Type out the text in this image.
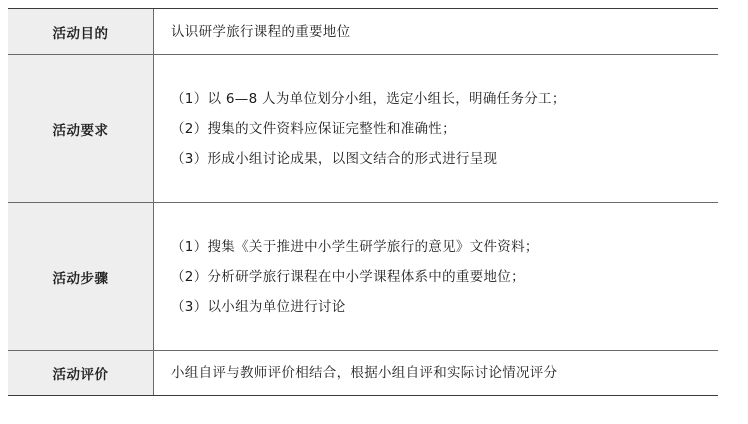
活动目的	认识研学旅行课程的重要地位
活动要求
（1）以 6—8 人为单位划分小组，选定小组长，明确任务分工；
（2）搜集的文件资料应保证完整性和准确性；
（3）形成小组讨论成果，以图文结合的形式进行呈现
活动步骤
（1）搜集《关于推进中小学生研学旅行的意见》文件资料；
（2）分析研学旅行课程在中小学课程体系中的重要地位；
（3）以小组为单位进行讨论
活动评价	小组自评与教师评价相结合，根据小组自评和实际讨论情况评分
